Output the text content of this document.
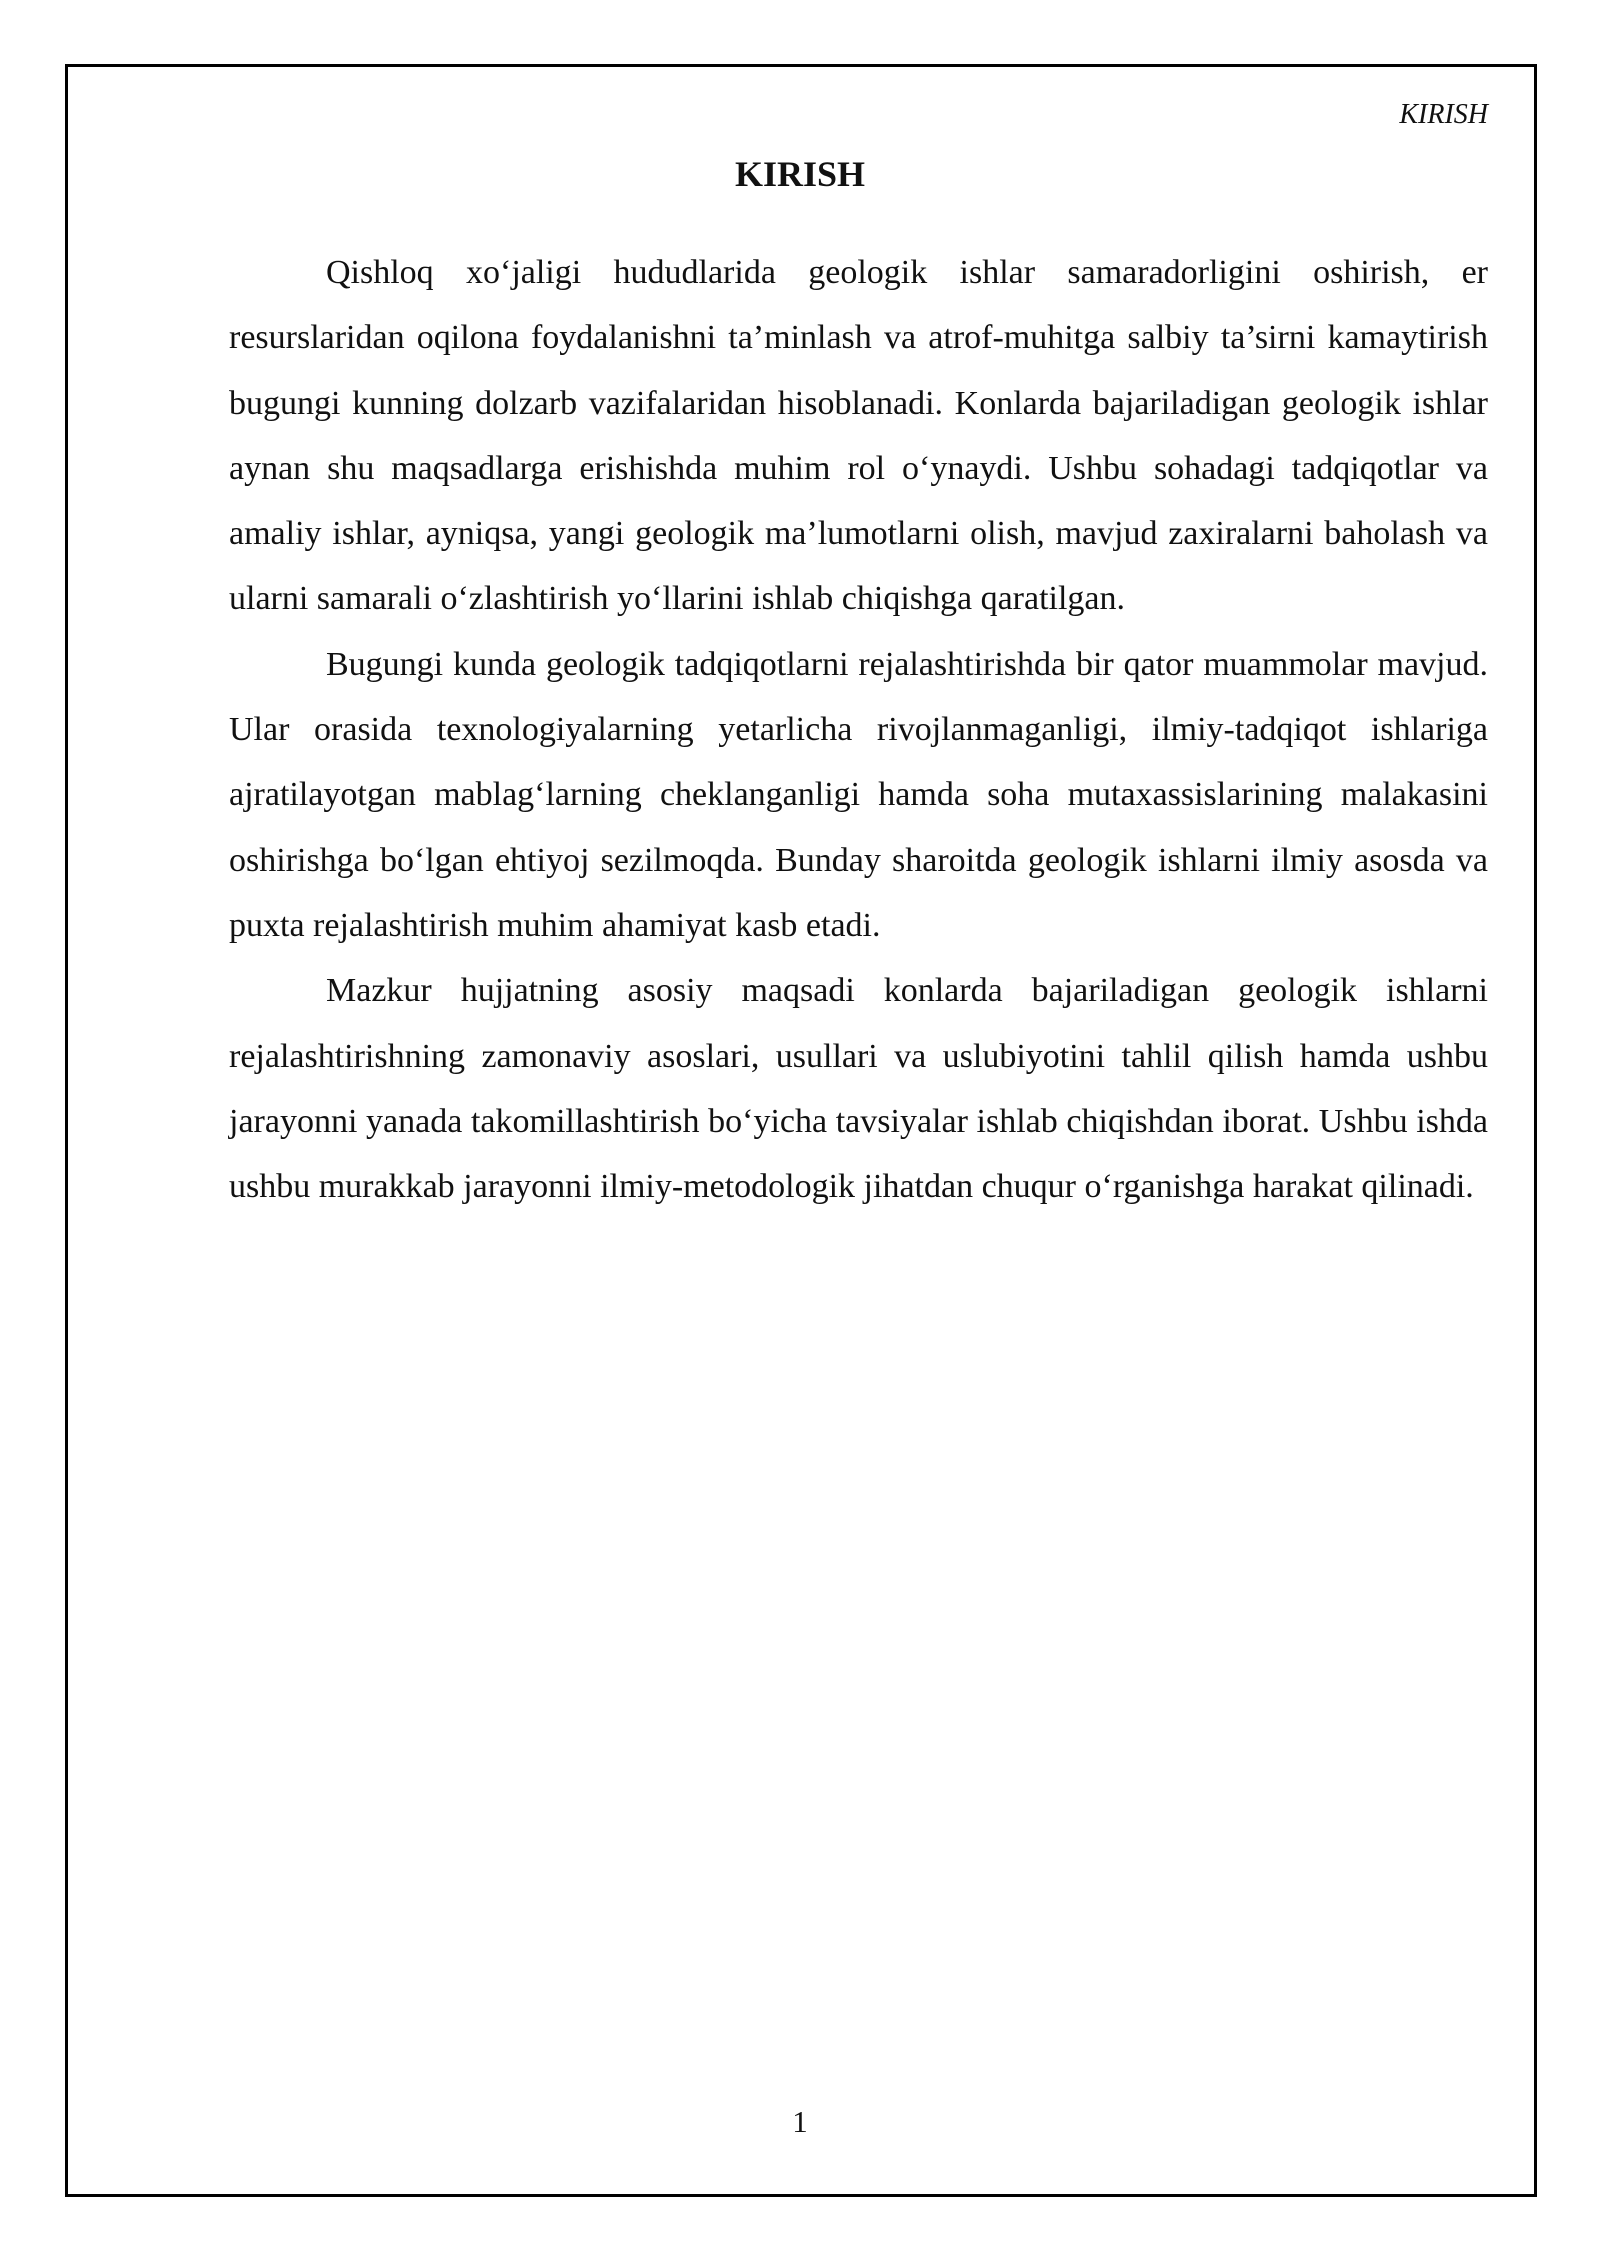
KIRISH
KIRISH

Qishloq xo‘jaligi hududlarida geologik ishlar samaradorligini oshirish, er resurslaridan oqilona foydalanishni ta’minlash va atrof-muhitga salbiy ta’sirni kamaytirish bugungi kunning dolzarb vazifalaridan hisoblanadi. Konlarda bajariladigan geologik ishlar aynan shu maqsadlarga erishishda muhim rol o‘ynaydi. Ushbu sohadagi tadqiqotlar va amaliy ishlar, ayniqsa, yangi geologik ma’lumotlarni olish, mavjud zaxiralarni baholash va ularni samarali o‘zlashtirish yo‘llarini ishlab chiqishga qaratilgan.

Bugungi kunda geologik tadqiqotlarni rejalashtirishda bir qator muammolar mavjud. Ular orasida texnologiyalarning yetarlicha rivojlanmaganligi, ilmiy-tadqiqot ishlariga ajratilayotgan mablag‘larning cheklanganligi hamda soha mutaxassislarining malakasini oshirishga bo‘lgan ehtiyoj sezilmoqda. Bunday sharoitda geologik ishlarni ilmiy asosda va puxta rejalashtirish muhim ahamiyat kasb etadi.

Mazkur hujjatning asosiy maqsadi konlarda bajariladigan geologik ishlarni rejalashtirishning zamonaviy asoslari, usullari va uslubiyotini tahlil qilish hamda ushbu jarayonni yanada takomillashtirish bo‘yicha tavsiyalar ishlab chiqishdan iborat. Ushbu ishda ushbu murakkab jarayonni ilmiy-metodologik jihatdan chuqur o‘rganishga harakat qilinadi.

1
